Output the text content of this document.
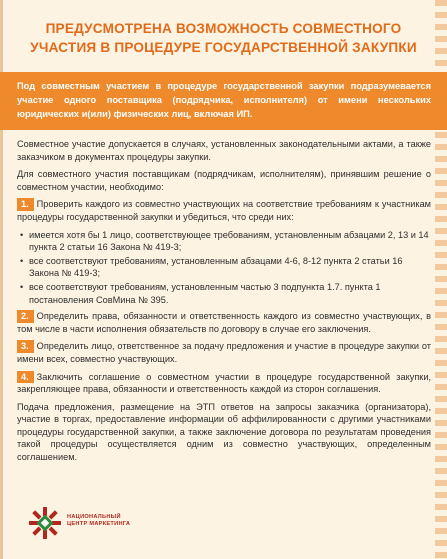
ПРЕДУСМОТРЕНА ВОЗМОЖНОСТЬ СОВМЕСТНОГО
УЧАСТИЯ В ПРОЦЕДУРЕ ГОСУДАРСТВЕННОЙ ЗАКУПКИ
Под совместным участием в процедуре государственной закупки подразумевается участие одного поставщика (подрядчика, исполнителя) от имени нескольких юридических и(или) физических лиц, включая ИП.

Совместное участие допускается в случаях, установленных законодательными актами, а также заказчиком в документах процедуры закупки.

Для совместного участия поставщикам (подрядчикам, исполнителям), принявшим решение о совместном участии, необходимо:

1. Проверить каждого из совместно участвующих на соответствие требованиям к участникам процедуры государственной закупки и убедиться, что среди них:

• имеется хотя бы 1 лицо, соответствующее требованиям, установленным абзацами 2, 13 и 14 пункта 2 статьи 16 Закона № 419-3;
• все соответствуют требованиям, установленным абзацами 4-6, 8-12 пункта 2 статьи 16 Закона № 419-3;
• все соответствуют требованиям, установленным частью 3 подпункта 1.7. пункта 1 постановления СовМина № 395.

2. Определить права, обязанности и ответственность каждого из совместно участвующих, в том числе в части исполнения обязательств по договору в случае его заключения.

3. Определить лицо, ответственное за подачу предложения и участие в процедуре закупки от имени всех, совместно участвующих.

4. Заключить соглашение о совместном участии в процедуре государственной закупки, закрепляющее права, обязанности и ответственность каждой из сторон соглашения.

Подача предложения, размещение на ЭТП ответов на запросы заказчика (организатора), участие в торгах, предоставление информации об аффилированности с другими участниками процедуры государственной закупки, а также заключение договора по результатам проведения такой процедуры осуществляется одним из совместно участвующих, определенным соглашением.

НАЦИОНАЛЬНЫЙ
ЦЕНТР МАРКЕТИНГА
